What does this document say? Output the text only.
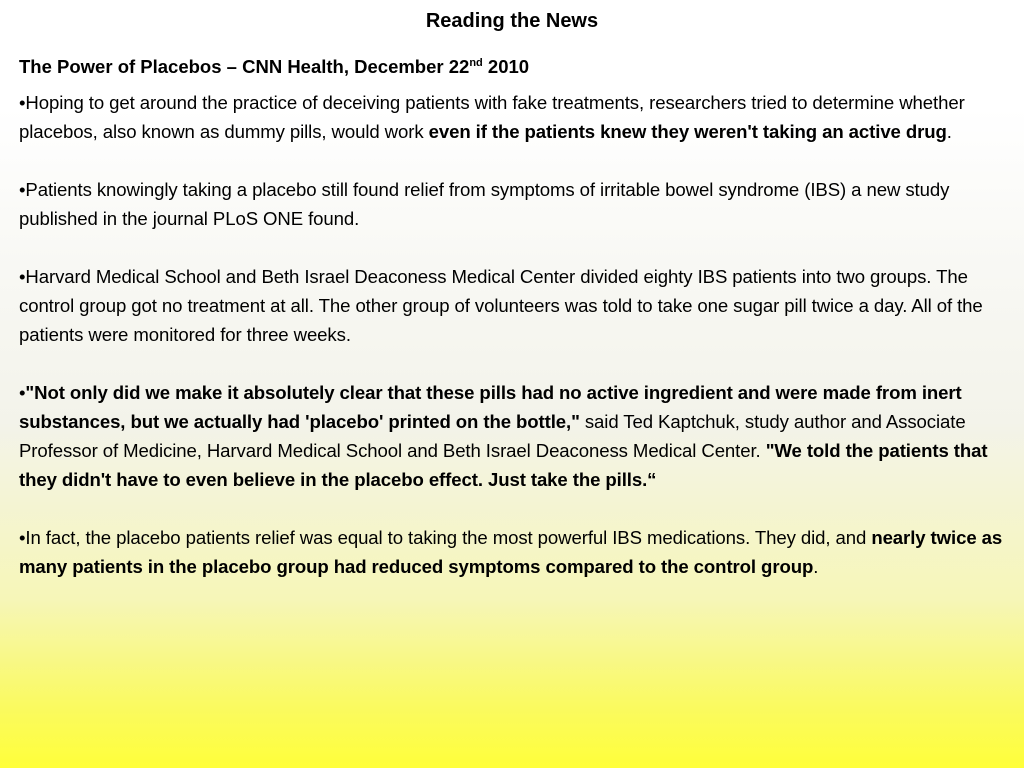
Reading the News

The Power of Placebos – CNN Health, December 22nd 2010

•Hoping to get around the practice of deceiving patients with fake treatments, researchers tried to determine whether placebos, also known as dummy pills, would work even if the patients knew they weren't taking an active drug.

•Patients knowingly taking a placebo still found relief from symptoms of irritable bowel syndrome (IBS) a new study published in the journal PLoS ONE found.

•Harvard Medical School and Beth Israel Deaconess Medical Center divided eighty IBS patients into two groups. The control group got no treatment at all. The other group of volunteers was told to take one sugar pill twice a day. All of the patients were monitored for three weeks.

•"Not only did we make it absolutely clear that these pills had no active ingredient and were made from inert substances, but we actually had 'placebo' printed on the bottle," said Ted Kaptchuk, study author and Associate Professor of Medicine, Harvard Medical School and Beth Israel Deaconess Medical Center. "We told the patients that they didn't have to even believe in the placebo effect. Just take the pills.“

•In fact, the placebo patients relief was equal to taking the most powerful IBS medications. They did, and nearly twice as many patients in the placebo group had reduced symptoms compared to the control group.
